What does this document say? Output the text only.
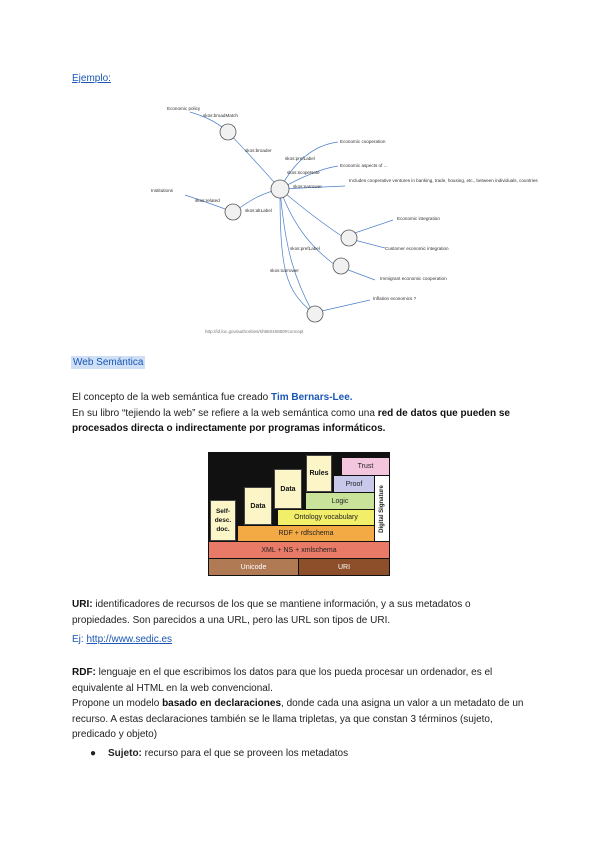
Ejemplo:
Economic policy
Economic cooperation
Economic aspects of ...
Includes cooperative ventures in banking, trade, housing, etc., between individuals, countries
Economic integration
Customer economic integration
Immigrant economic cooperation
Inflation economics ?
Institutions
skos:broadMatch
skos:broader
skos:prefLabel
skos:scopeNote
skos:narrower
skos:related
skos:altLabel
skos:prefLabel
skos:narrower
http://id.loc.gov/authorities/sh85040850#concept
Web Semántica
El concepto de la web semántica fue creado Tim Bernars-Lee.
En su libro “tejiendo la web” se refiere a la web semántica como una red de datos que pueden se
procesados directa o indirectamente por programas informáticos.
Unicode	URI
XML + NS + xmlschema
RDF + rdfschema
Ontology vocabulary
Logic
Proof
Trust
Digital Signature
Self-desc. doc.
Data
Data
Rules
URI: identificadores de recursos de los que se mantiene información, y a sus metadatos o
propiedades. Son parecidos a una URL, pero las URL son tipos de URI.
Ej: http://www.sedic.es
RDF: lenguaje en el que escribimos los datos para que los pueda procesar un ordenador, es el
equivalente al HTML en la web convencional.
Propone un modelo basado en declaraciones, donde cada una asigna un valor a un metadato de un
recurso. A estas declaraciones también se le llama tripletas, ya que constan 3 términos (sujeto,
predicado y objeto)
● Sujeto: recurso para el que se proveen los metadatos
